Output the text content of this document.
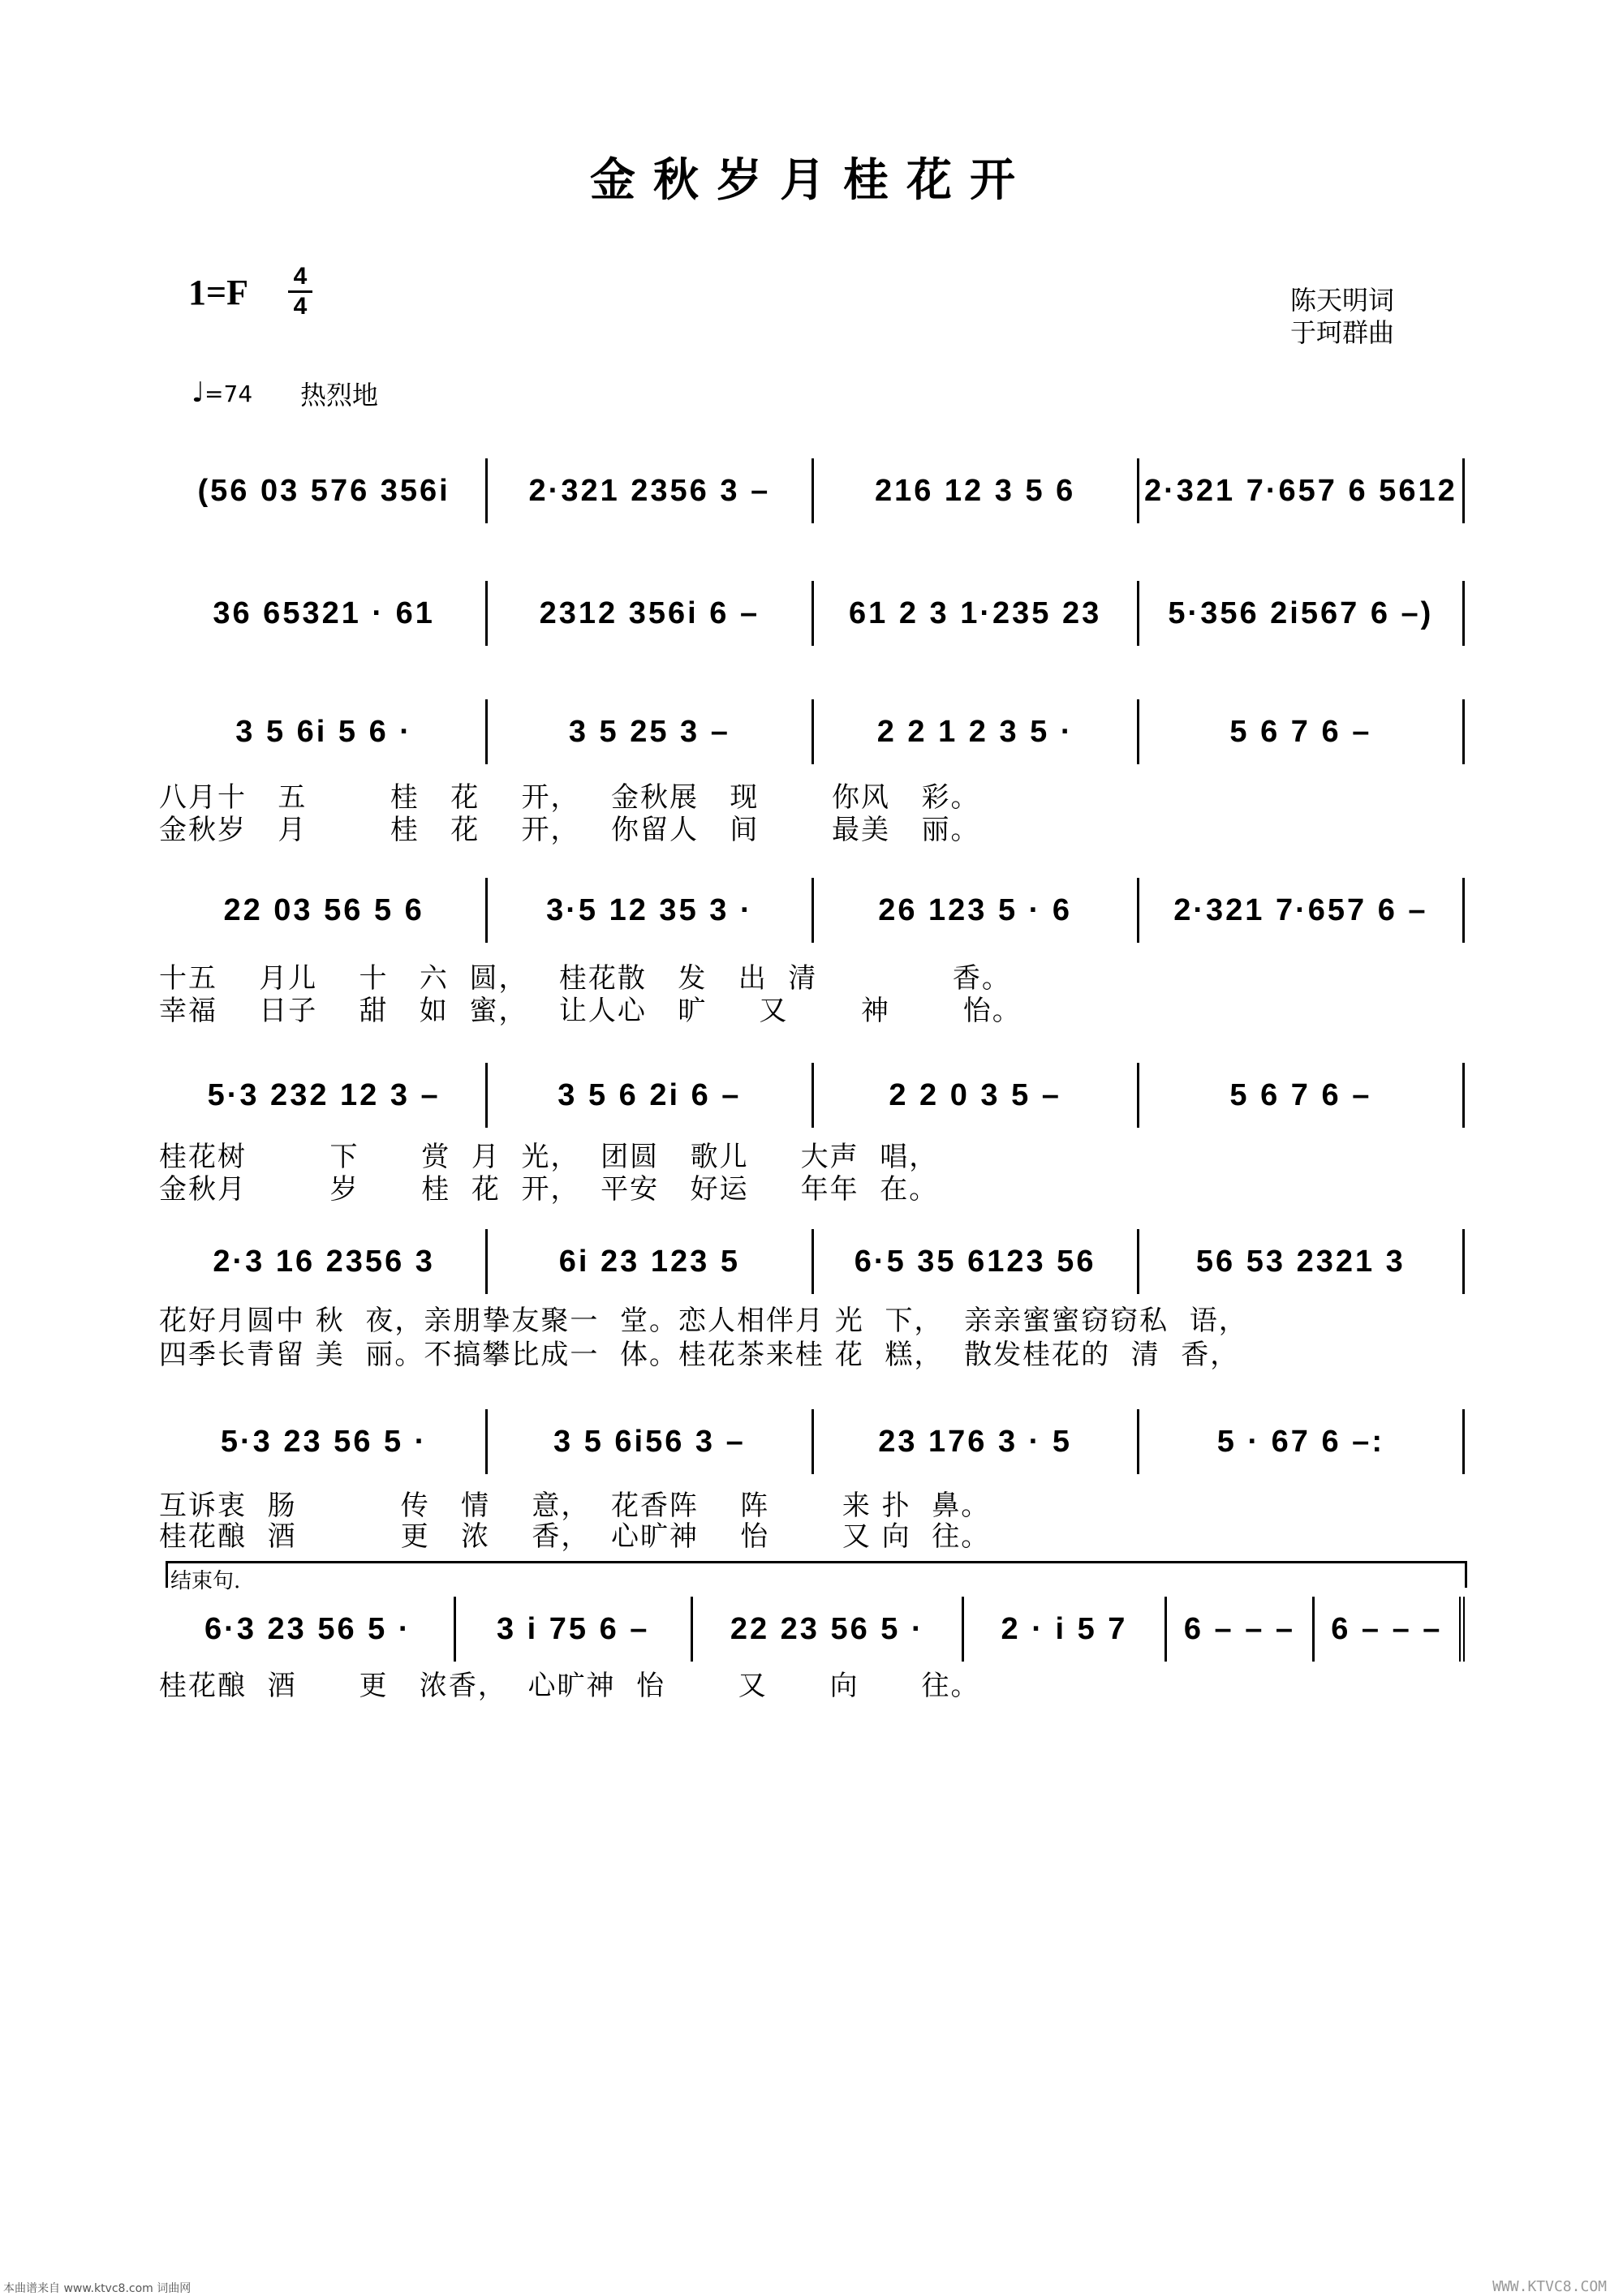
金秋岁月桂花开
1=F 4
4	陈天明词
于珂群曲
♩=74 热烈地
(56 03 576 356i	2·321 2356 3 –	216 12 3 5 6 2·321 7·657 6 5612
36 65321 · 61	2312 356i 6 –	61 2 3 1·235 23 5·356 2i567 6 –)
3 5 6i 5 6 ·	3 5 25 3 –	2 2 1 2 3 5 ·	5 6 7 6 –
八月十   五        桂   花    开，   金秋展   现       你风   彩。
金秋岁   月        桂   花    开，   你留人   间       最美   丽。
22 03 56 5 6	3·5 12 35 3 ·	26 123 5 · 6	2·321 7·657 6 –
十五    月儿    十   六  圆，   桂花散   发   出  清             香。
幸福    日子    甜   如  蜜，   让人心   旷     又       神       怡。
5·3 232 12 3 –	3 5 6 2i 6 –	2 2 0 3 5 –	5 6 7 6 –
桂花树        下      赏  月  光，  团圆   歌儿     大声  唱，
金秋月        岁      桂  花  开，  平安   好运     年年  在。
2·3 16 2356 3	6i 23 123 5	6·5 35 6123 56	56 53 2321 3
花好月圆中 秋  夜，亲朋挚友聚一  堂。恋人相伴月 光  下，  亲亲蜜蜜窃窃私  语，
四季长青留 美  丽。不搞攀比成一  体。桂花茶来桂 花  糕，  散发桂花的  清  香，
5·3 23 56 5 ·	3 5 6i56 3 –	23 176 3 · 5	5 · 67 6 –:
互诉衷  肠          传   情    意，  花香阵    阵       来 扑  鼻。
桂花酿  酒          更   浓    香，  心旷神    怡       又 向  往。
结束句.
6·3 23 56 5 ·	3 i 75 6 –	22 23 56 5 · 2 · i 5 7 6 – – – 6 – – –
桂花酿  酒      更   浓香，  心旷神  怡       又      向      往。
本曲谱来自 www.ktvc8.com 词曲网	WWW.KTVC8.COM
